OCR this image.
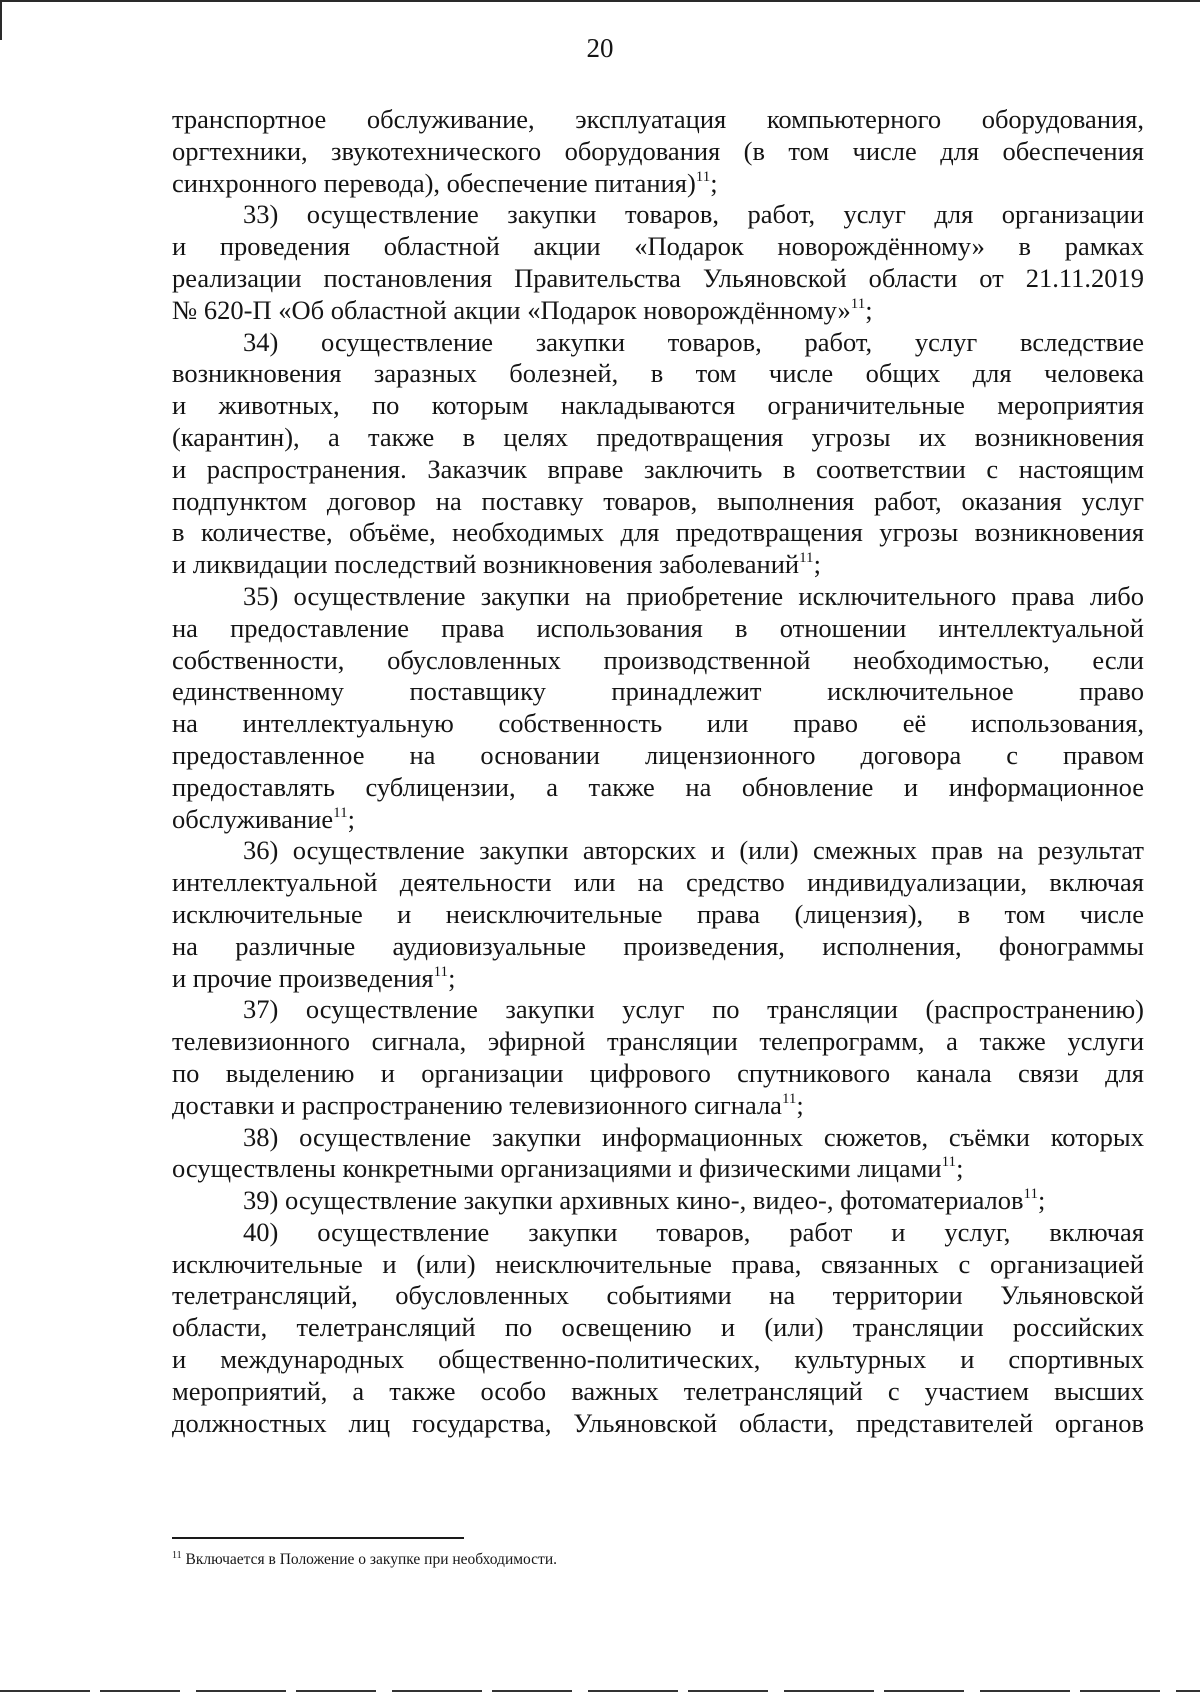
20
транспортное обслуживание, эксплуатация компьютерного оборудования,
оргтехники, звукотехнического оборудования (в том числе для обеспечения
синхронного перевода), обеспечение питания)$^{11}$;
33) осуществление закупки товаров, работ, услуг для организации
и проведения областной акции «Подарок новорождённому» в рамках
реализации постановления Правительства Ульяновской области от 21.11.2019
№ 620-П «Об областной акции «Подарок новорождённому»$^{11}$;
34) осуществление закупки товаров, работ, услуг вследствие
возникновения заразных болезней, в том числе общих для человека
и животных, по которым накладываются ограничительные мероприятия
(карантин), а также в целях предотвращения угрозы их возникновения
и распространения. Заказчик вправе заключить в соответствии с настоящим
подпунктом договор на поставку товаров, выполнения работ, оказания услуг
в количестве, объёме, необходимых для предотвращения угрозы возникновения
и ликвидации последствий возникновения заболеваний$^{11}$;
35) осуществление закупки на приобретение исключительного права либо
на предоставление права использования в отношении интеллектуальной
собственности, обусловленных производственной необходимостью, если
единственному поставщику принадлежит исключительное право
на интеллектуальную собственность или право её использования,
предоставленное на основании лицензионного договора с правом
предоставлять сублицензии, а также на обновление и информационное
обслуживание$^{11}$;
36) осуществление закупки авторских и (или) смежных прав на результат
интеллектуальной деятельности или на средство индивидуализации, включая
исключительные и неисключительные права (лицензия), в том числе
на различные аудиовизуальные произведения, исполнения, фонограммы
и прочие произведения$^{11}$;
37) осуществление закупки услуг по трансляции (распространению)
телевизионного сигнала, эфирной трансляции телепрограмм, а также услуги
по выделению и организации цифрового спутникового канала связи для
доставки и распространению телевизионного сигнала$^{11}$;
38) осуществление закупки информационных сюжетов, съёмки которых
осуществлены конкретными организациями и физическими лицами$^{11}$;
39) осуществление закупки архивных кино-, видео-, фотоматериалов$^{11}$;
40) осуществление закупки товаров, работ и услуг, включая
исключительные и (или) неисключительные права, связанных с организацией
телетрансляций, обусловленных событиями на территории Ульяновской
области, телетрансляций по освещению и (или) трансляции российских
и международных общественно-политических, культурных и спортивных
мероприятий, а также особо важных телетрансляций с участием высших
должностных лиц государства, Ульяновской области, представителей органов
$^{11}$ Включается в Положение о закупке при необходимости.
